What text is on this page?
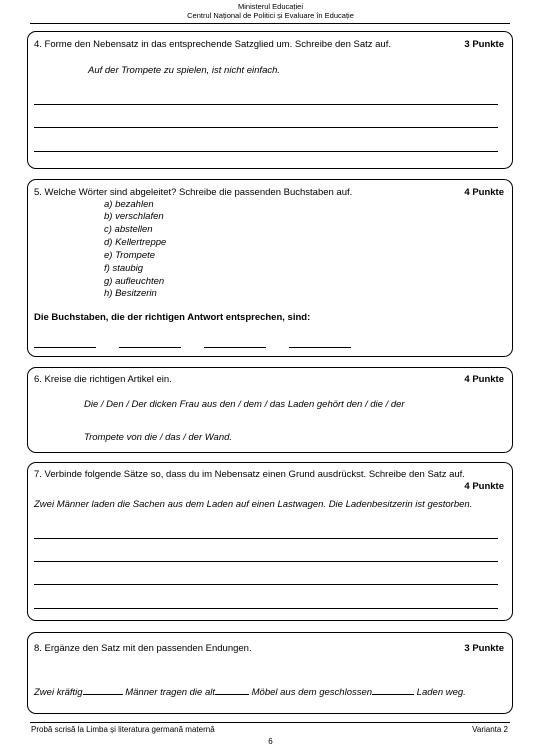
Ministerul Educației
Centrul Național de Politici și Evaluare în Educație
4. Forme den Nebensatz in das entsprechende Satzglied um. Schreibe den Satz auf.	3 Punkte
Auf der Trompete zu spielen, ist nicht einfach.
5. Welche Wörter sind abgeleitet? Schreibe die passenden Buchstaben auf.	4 Punkte
a) bezahlen
b) verschlafen
c) abstellen
d) Kellertreppe
e) Trompete
f) staubig
g) aufleuchten
h) Besitzerin
Die Buchstaben, die der richtigen Antwort entsprechen, sind:
6. Kreise die richtigen Artikel ein.	4 Punkte
Die / Den / Der dicken Frau aus den / dem / das Laden gehört den / die / der
Trompete von die / das / der Wand.
7. Verbinde folgende Sätze so, dass du im Nebensatz einen Grund ausdrückst. Schreibe den Satz auf.
4 Punkte
Zwei Männer laden die Sachen aus dem Laden auf einen Lastwagen. Die Ladenbesitzerin ist gestorben.
8. Ergänze den Satz mit den passenden Endungen.	3 Punkte
Zwei kräftig	Männer tragen die alt	Möbel aus dem geschlossen	Laden weg.
Probă scrisă la Limba și literatura germană maternă	Varianta 2
6
